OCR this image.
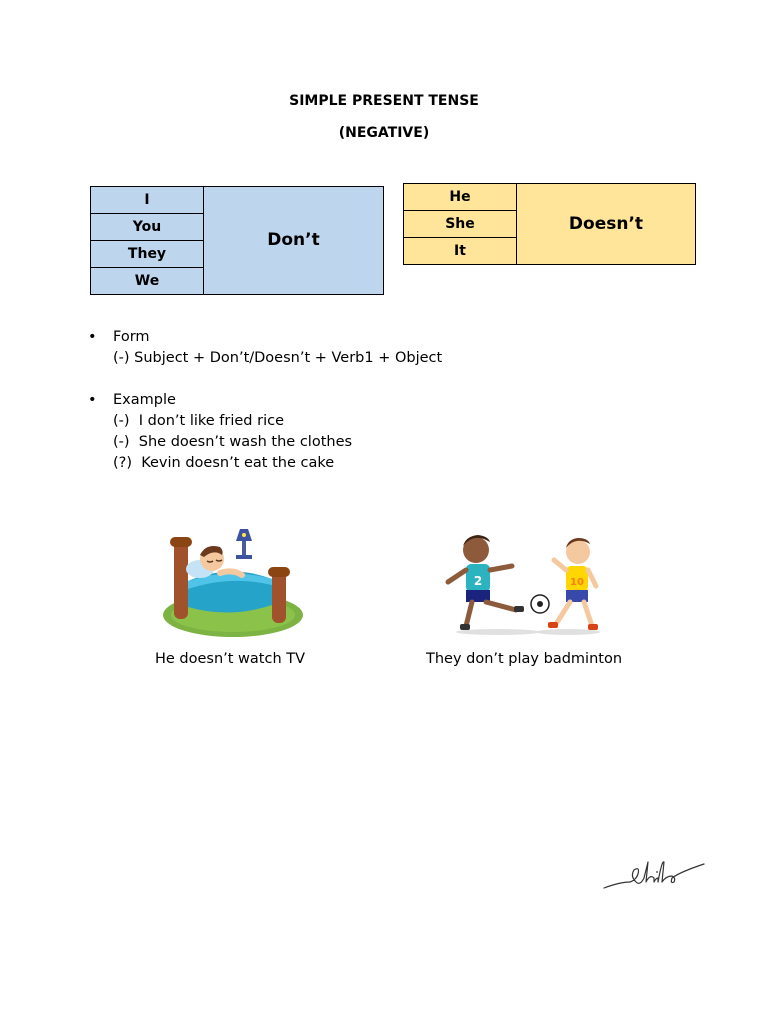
SIMPLE PRESENT TENSE
(NEGATIVE)
I	Don’t
You
They
We
He	Doesn’t
She
It
• Form
(-) Subject + Don’t/Doesn’t + Verb1 + Object
• Example
(-)  I don’t like fried rice
(-)  She doesn’t wash the clothes
(?)  Kevin doesn’t eat the cake
2	10
He doesn’t watch TV	They don’t play badminton
